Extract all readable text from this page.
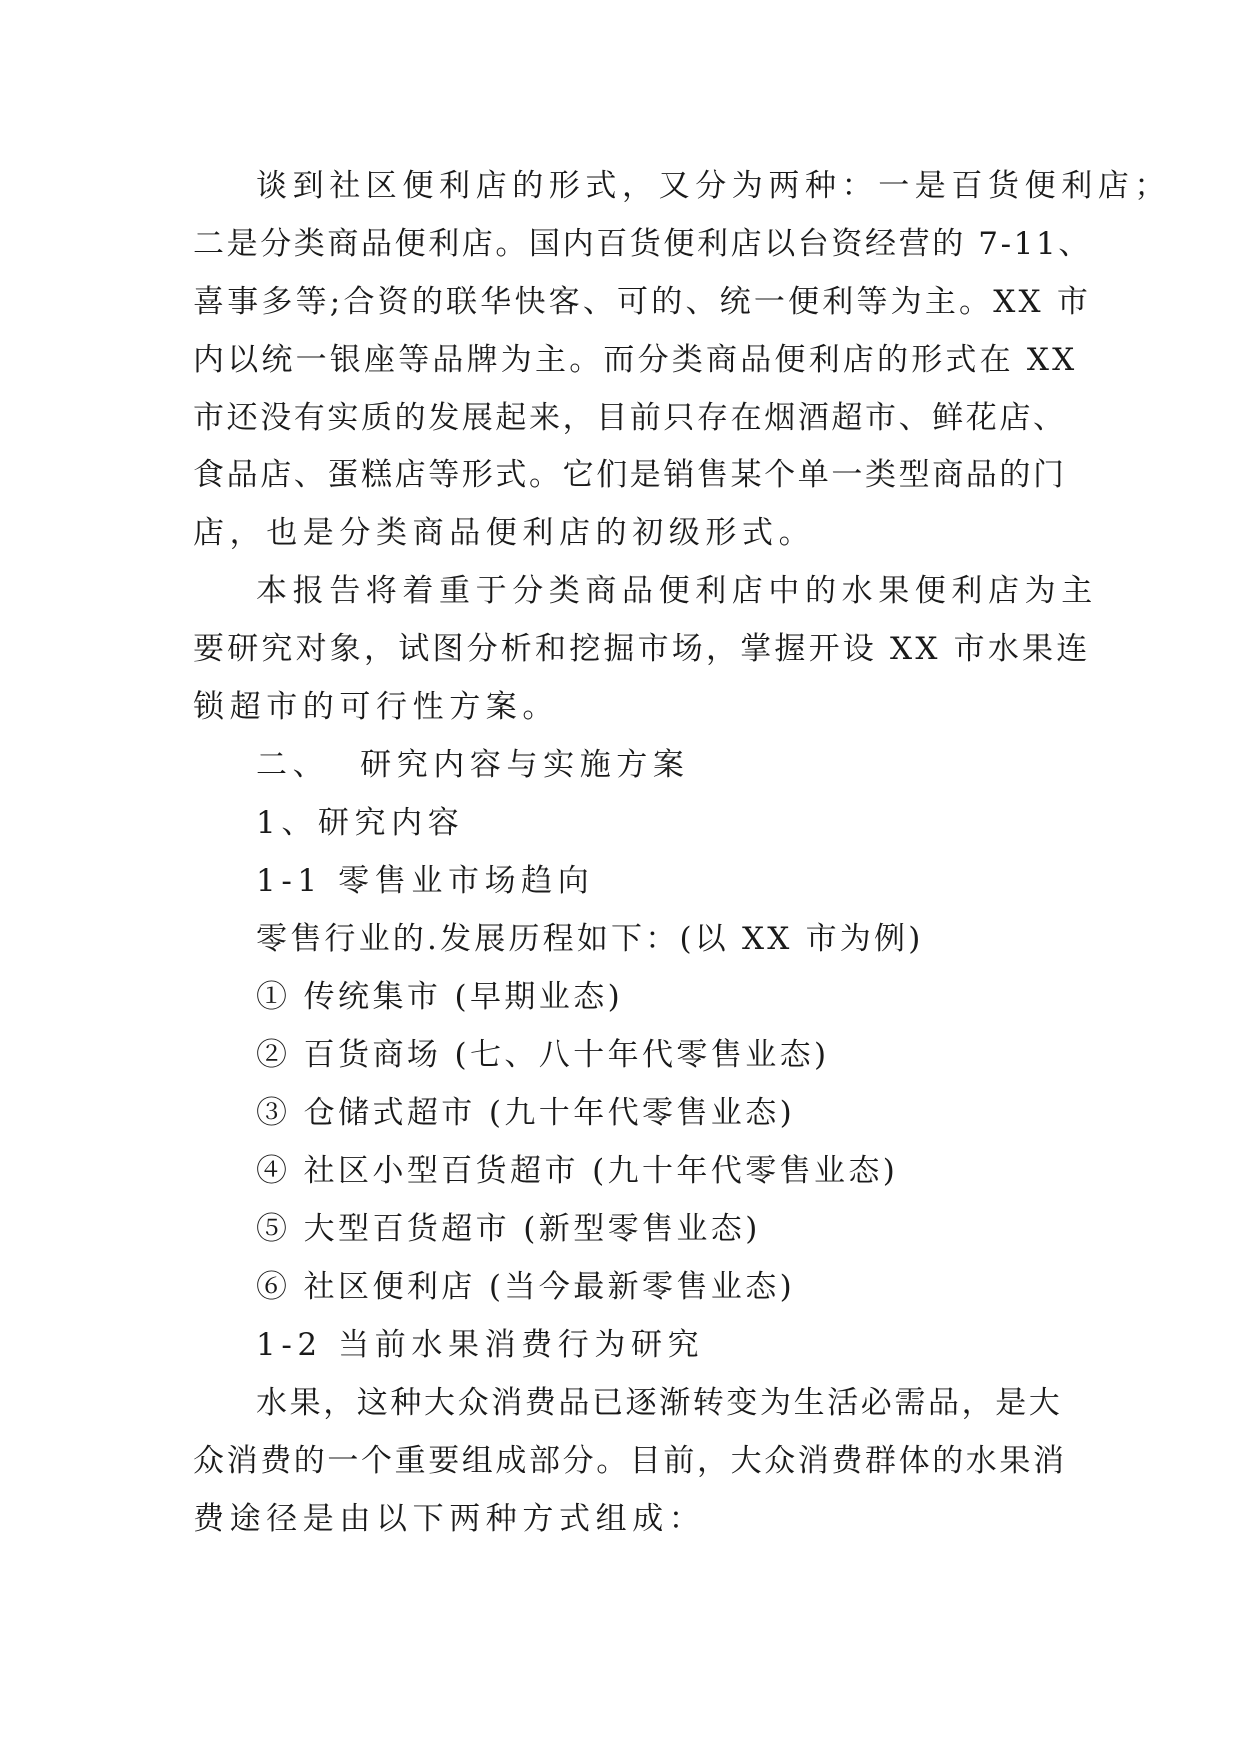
谈到社区便利店的形式，又分为两种：一是百货便利店；
二是分类商品便利店。国内百货便利店以台资经营的 7-11、
喜事多等;合资的联华快客、可的、统一便利等为主。XX 市
内以统一银座等品牌为主。而分类商品便利店的形式在 XX
市还没有实质的发展起来，目前只存在烟酒超市、鲜花店、
食品店、蛋糕店等形式。它们是销售某个单一类型商品的门
店，也是分类商品便利店的初级形式。
本报告将着重于分类商品便利店中的水果便利店为主
要研究对象，试图分析和挖掘市场，掌握开设 XX 市水果连
锁超市的可行性方案。
二、  研究内容与实施方案
1、研究内容
1-1 零售业市场趋向
零售行业的.发展历程如下：(以 XX 市为例)
① 传统集市 (早期业态)
② 百货商场 (七、八十年代零售业态)
③ 仓储式超市 (九十年代零售业态)
④ 社区小型百货超市 (九十年代零售业态)
⑤ 大型百货超市 (新型零售业态)
⑥ 社区便利店 (当今最新零售业态)
1-2 当前水果消费行为研究
水果，这种大众消费品已逐渐转变为生活必需品，是大
众消费的一个重要组成部分。目前，大众消费群体的水果消
费途径是由以下两种方式组成：
